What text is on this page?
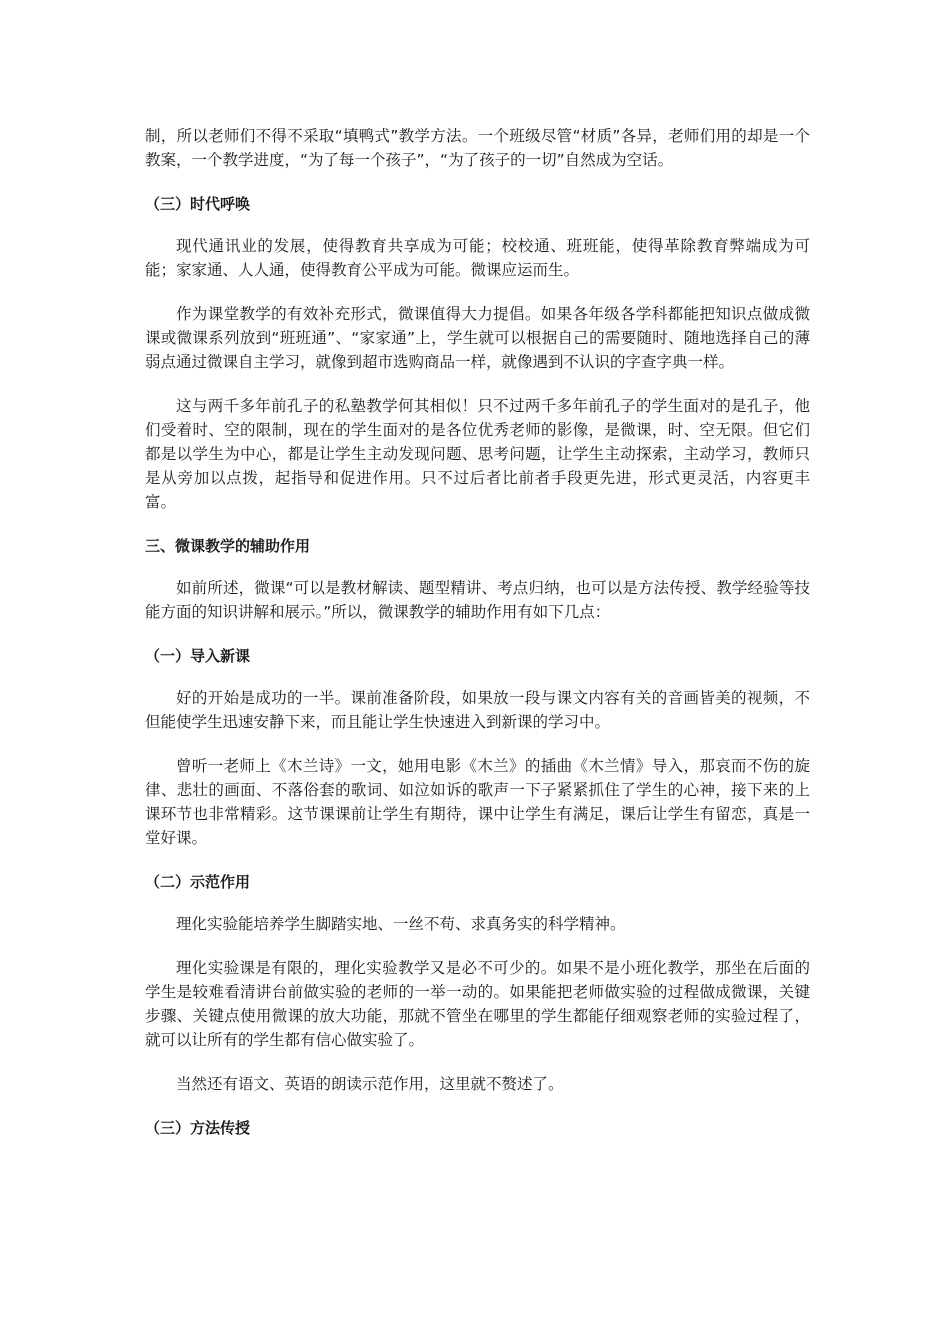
制，所以老师们不得不采取“填鸭式”教学方法。一个班级尽管“材质”各异，老师们用的却是一个教案，一个教学进度，“为了每一个孩子”，“为了孩子的一切”自然成为空话。

（三）时代呼唤

现代通讯业的发展，使得教育共享成为可能；校校通、班班能，使得革除教育弊端成为可能；家家通、人人通，使得教育公平成为可能。微课应运而生。

作为课堂教学的有效补充形式，微课值得大力提倡。如果各年级各学科都能把知识点做成微课或微课系列放到“班班通”、“家家通”上，学生就可以根据自己的需要随时、随地选择自己的薄弱点通过微课自主学习，就像到超市选购商品一样，就像遇到不认识的字查字典一样。

这与两千多年前孔子的私塾教学何其相似！只不过两千多年前孔子的学生面对的是孔子，他们受着时、空的限制，现在的学生面对的是各位优秀老师的影像，是微课，时、空无限。但它们都是以学生为中心，都是让学生主动发现问题、思考问题，让学生主动探索，主动学习，教师只是从旁加以点拨，起指导和促进作用。只不过后者比前者手段更先进，形式更灵活，内容更丰富。

三、微课教学的辅助作用

如前所述，微课“可以是教材解读、题型精讲、考点归纳，也可以是方法传授、教学经验等技能方面的知识讲解和展示。”所以，微课教学的辅助作用有如下几点：

（一）导入新课

好的开始是成功的一半。课前准备阶段，如果放一段与课文内容有关的音画皆美的视频，不但能使学生迅速安静下来，而且能让学生快速进入到新课的学习中。

曾听一老师上《木兰诗》一文，她用电影《木兰》的插曲《木兰情》导入，那哀而不伤的旋律、悲壮的画面、不落俗套的歌词、如泣如诉的歌声一下子紧紧抓住了学生的心神，接下来的上课环节也非常精彩。这节课课前让学生有期待，课中让学生有满足，课后让学生有留恋，真是一堂好课。

（二）示范作用

理化实验能培养学生脚踏实地、一丝不苟、求真务实的科学精神。

理化实验课是有限的，理化实验教学又是必不可少的。如果不是小班化教学，那坐在后面的学生是较难看清讲台前做实验的老师的一举一动的。如果能把老师做实验的过程做成微课，关键步骤、关键点使用微课的放大功能，那就不管坐在哪里的学生都能仔细观察老师的实验过程了，就可以让所有的学生都有信心做实验了。

当然还有语文、英语的朗读示范作用，这里就不赘述了。

（三）方法传授
